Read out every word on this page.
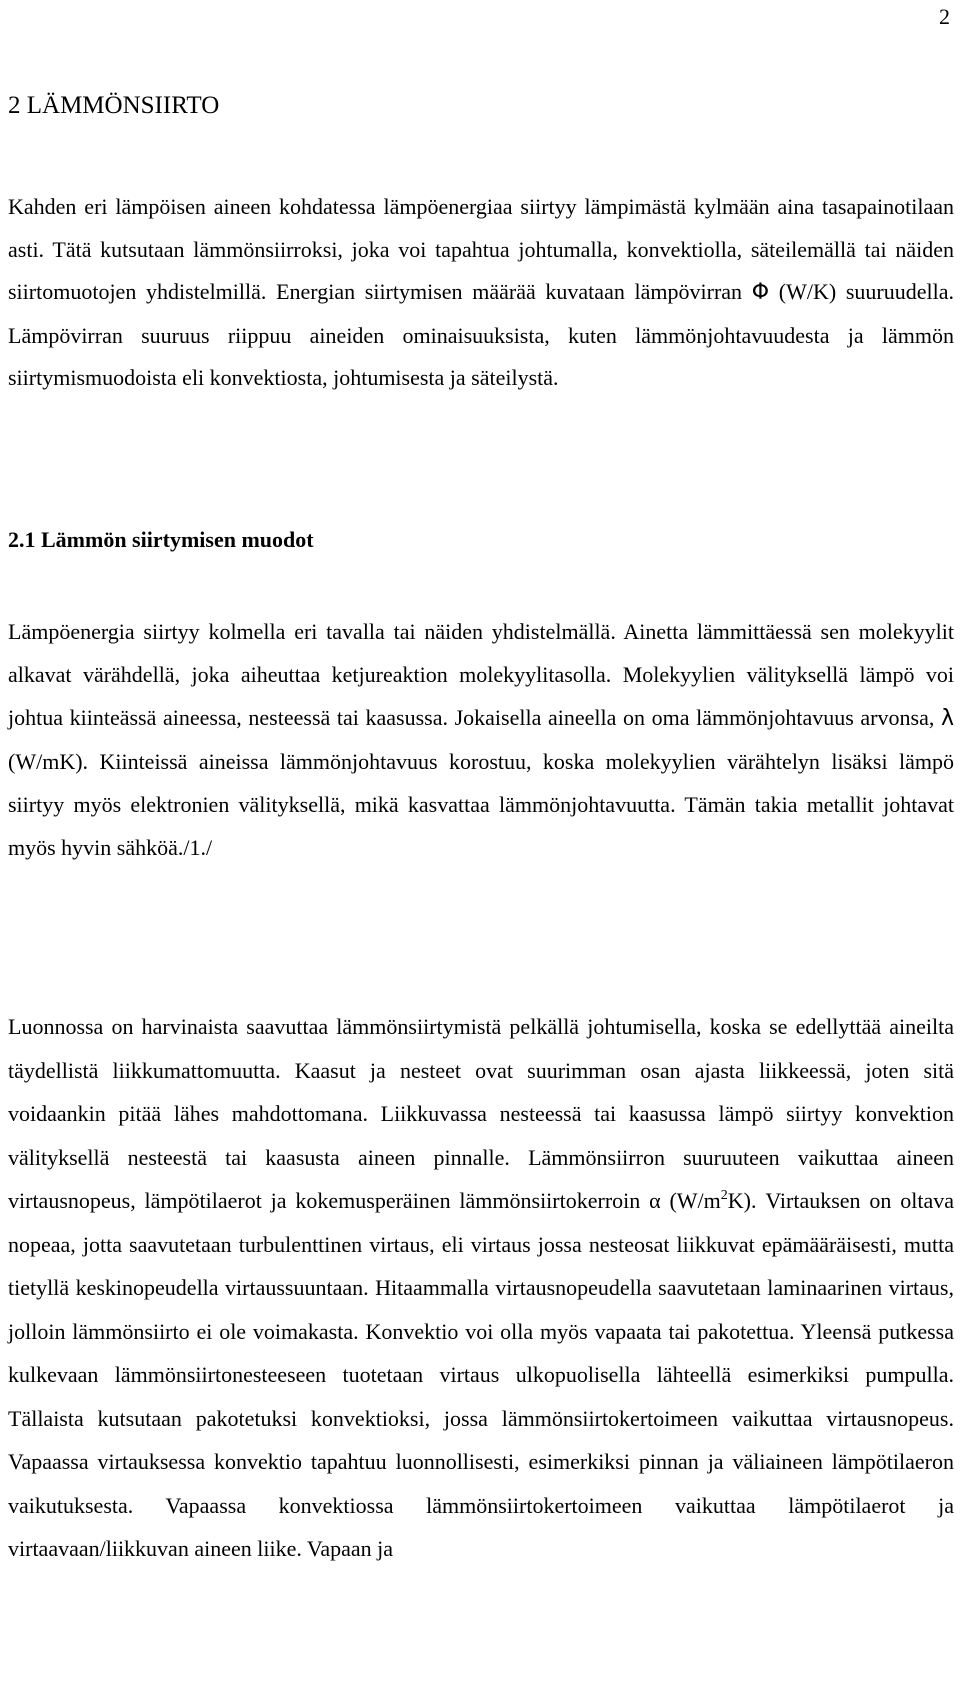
2
2 LÄMMÖNSIIRTO

Kahden eri lämpöisen aineen kohdatessa lämpöenergiaa siirtyy lämpimästä kylmään aina tasapainotilaan asti. Tätä kutsutaan lämmönsiirroksi, joka voi tapahtua johtumalla, konvektiolla, säteilemällä tai näiden siirtomuotojen yhdistelmillä. Energian siirtymisen määrää kuvataan lämpövirran Φ (W/K) suuruudella. Lämpövirran suuruus riippuu aineiden ominaisuuksista, kuten lämmönjohtavuudesta ja lämmön siirtymismuodoista eli konvektiosta, johtumisesta ja säteilystä.

2.1 Lämmön siirtymisen muodot

Lämpöenergia siirtyy kolmella eri tavalla tai näiden yhdistelmällä. Ainetta lämmittäessä sen molekyylit alkavat värähdellä, joka aiheuttaa ketjureaktion molekyylitasolla. Molekyylien välityksellä lämpö voi johtua kiinteässä aineessa, nesteessä tai kaasussa. Jokaisella aineella on oma lämmönjohtavuus arvonsa, λ (W/mK). Kiinteissä aineissa lämmönjohtavuus korostuu, koska molekyylien värähtelyn lisäksi lämpö siirtyy myös elektronien välityksellä, mikä kasvattaa lämmönjohtavuutta. Tämän takia metallit johtavat myös hyvin sähköä./1./

Luonnossa on harvinaista saavuttaa lämmönsiirtymistä pelkällä johtumisella, koska se edellyttää aineilta täydellistä liikkumattomuutta. Kaasut ja nesteet ovat suurimman osan ajasta liikkeessä, joten sitä voidaankin pitää lähes mahdottomana. Liikkuvassa nesteessä tai kaasussa lämpö siirtyy konvektion välityksellä nesteestä tai kaasusta aineen pinnalle. Lämmönsiirron suuruuteen vaikuttaa aineen virtausnopeus, lämpötilaerot ja kokemusperäinen lämmönsiirtokerroin α $(W/m^2K)$. Virtauksen on oltava nopeaa, jotta saavutetaan turbulenttinen virtaus, eli virtaus jossa nesteosat liikkuvat epämääräisesti, mutta tietyllä keskinopeudella virtaussuuntaan. Hitaammalla virtausnopeudella saavutetaan laminaarinen virtaus, jolloin lämmönsiirto ei ole voimakasta. Konvektio voi olla myös vapaata tai pakotettua. Yleensä putkessa kulkevaan lämmönsiirtonesteeseen tuotetaan virtaus ulkopuolisella lähteellä esimerkiksi pumpulla. Tällaista kutsutaan pakotetuksi konvektioksi, jossa lämmönsiirtokertoimeen vaikuttaa virtausnopeus. Vapaassa virtauksessa konvektio tapahtuu luonnollisesti, esimerkiksi pinnan ja väliaineen lämpötilaeron vaikutuksesta. Vapaassa konvektiossa lämmönsiirtokertoimeen vaikuttaa lämpötilaerot ja virtaavaan/liikkuvan aineen liike. Vapaan ja
